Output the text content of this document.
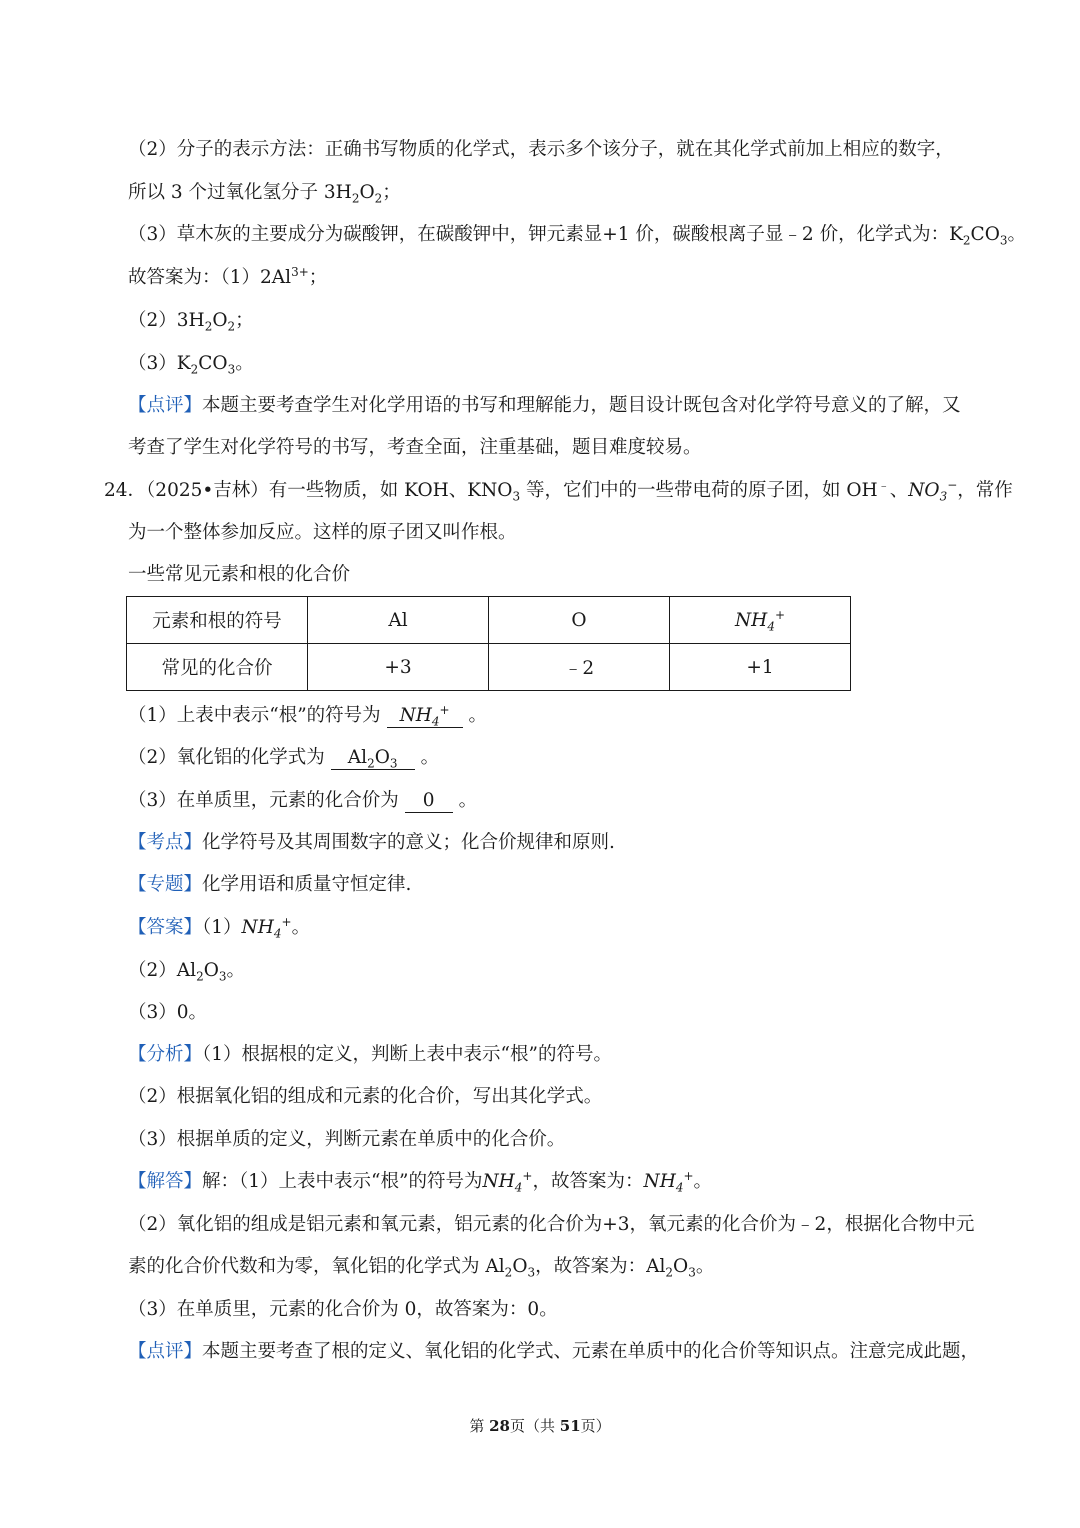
（2）分子的表示方法：正确书写物质的化学式，表示多个该分子，就在其化学式前加上相应的数字，
所以 3 个过氧化氢分子 $3H_2O_2$；
（3）草木灰的主要成分为碳酸钾，在碳酸钾中，钾元素显+1 价，碳酸根离子显﹣2 价，化学式为：$K_2CO_3$。
故答案为：$(1)2Al^{3+}$；
$(2)3H_2O_2$；
$(3)K_2CO_3$。
【点评】本题主要考查学生对化学用语的书写和理解能力，题目设计既包含对化学符号意义的了解，又
考查了学生对化学符号的书写，考查全面，注重基础，题目难度较易。
24．（2025•吉林）有一些物质，如 KOH、$KNO_3$ 等，它们中的一些带电荷的原子团，如 OH﹣、$NO_3^-$，常作
为一个整体参加反应。这样的原子团又叫作根。
一些常见元素和根的化合价
元素和根的符号	Al	O	$NH_4^+$
常见的化合价	+3	﹣2	+1
（1）上表中表示“根”的符号为 $NH_4^+$ 。
（2）氧化铝的化学式为 $Al_2O_3$ 。
（3）在单质里，元素的化合价为 0 。
【考点】化学符号及其周围数字的意义；化合价规律和原则.
【专题】化学用语和质量守恒定律.
【答案】$(1)NH_4^+$。
$(2)Al_2O_3$。
（3）0。
【分析】（1）根据根的定义，判断上表中表示“根”的符号。
（2）根据氧化铝的组成和元素的化合价，写出其化学式。
（3）根据单质的定义，判断元素在单质中的化合价。
【解答】解：（1）上表中表示“根”的符号为$NH_4^+$，故答案为：$NH_4^+$。
（2）氧化铝的组成是铝元素和氧元素，铝元素的化合价为+3，氧元素的化合价为﹣2，根据化合物中元
素的化合价代数和为零，氧化铝的化学式为 $Al_2O_3$，故答案为：$Al_2O_3$。
（3）在单质里，元素的化合价为 0，故答案为：0。
【点评】本题主要考查了根的定义、氧化铝的化学式、元素在单质中的化合价等知识点。注意完成此题，
第 28页（共 51页）
